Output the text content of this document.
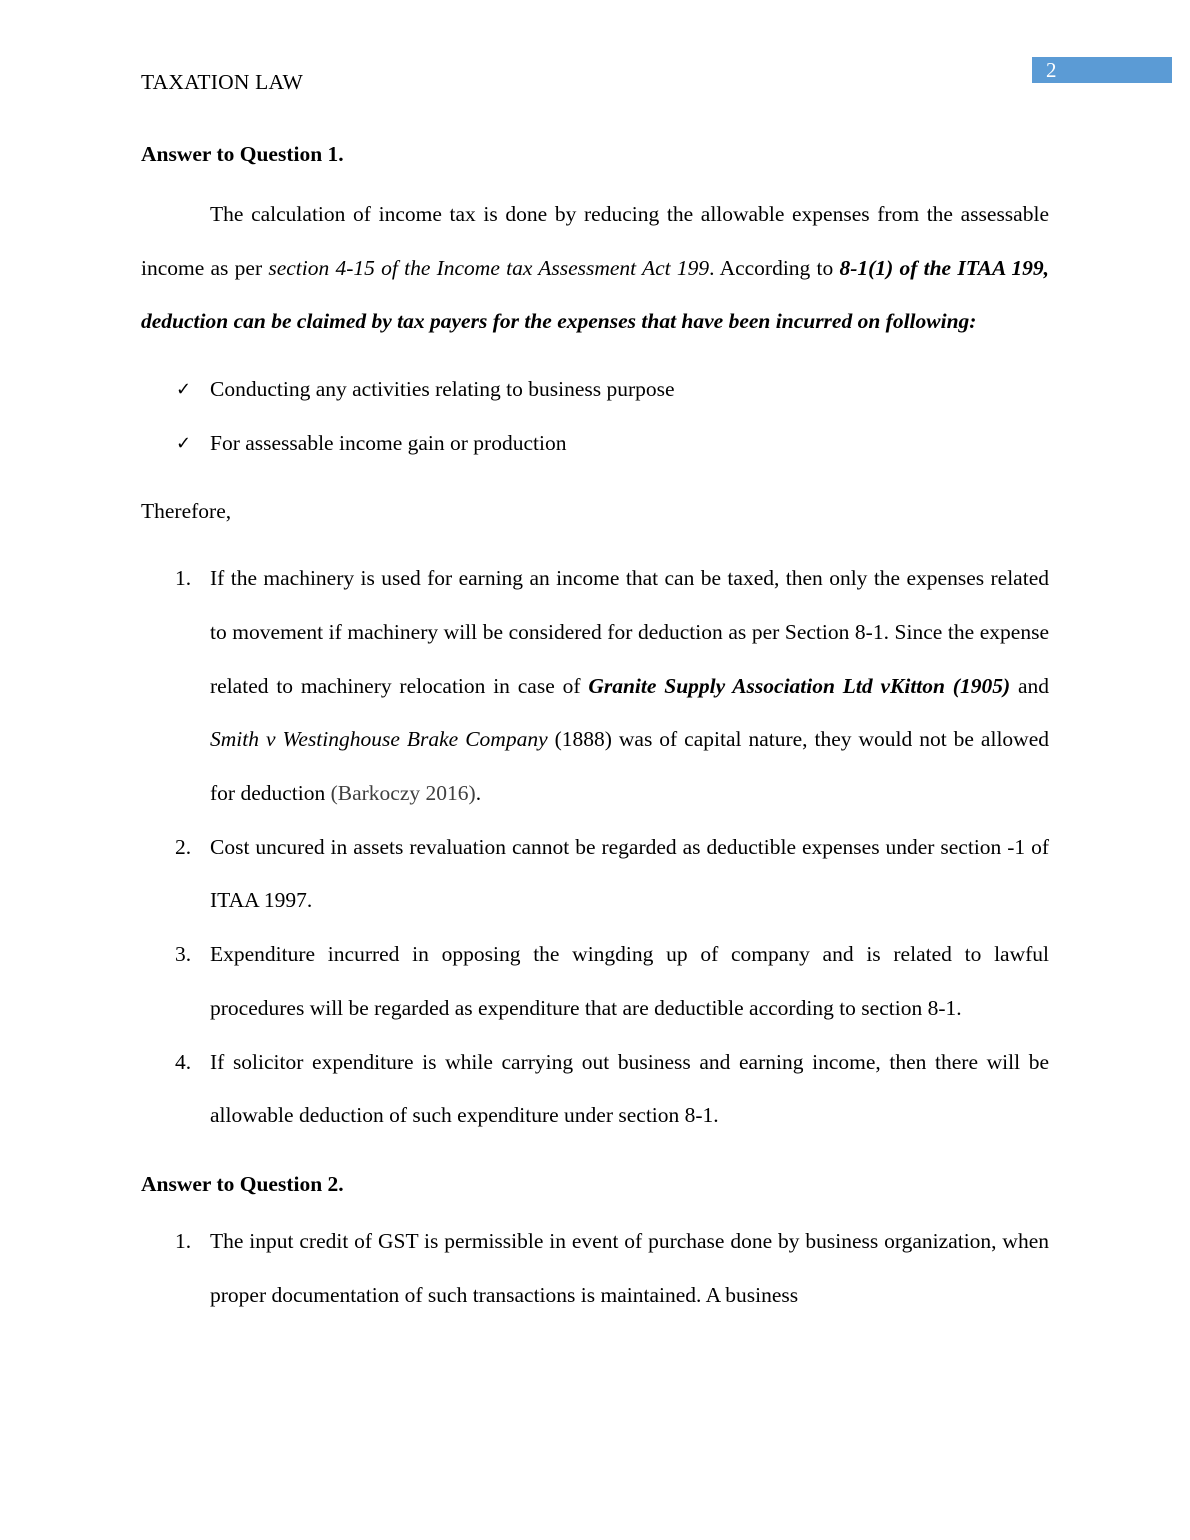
TAXATION LAW	2

Answer to Question 1.

The calculation of income tax is done by reducing the allowable expenses from the assessable income as per section 4-15 of the Income tax Assessment Act 199. According to 8-1(1) of the ITAA 199, deduction can be claimed by tax payers for the expenses that have been incurred on following:

✓ Conducting any activities relating to business purpose
✓ For assessable income gain or production

Therefore,

1. If the machinery is used for earning an income that can be taxed, then only the expenses related to movement if machinery will be considered for deduction as per Section 8-1. Since the expense related to machinery relocation in case of Granite Supply Association Ltd vKitton (1905) and Smith v Westinghouse Brake Company (1888) was of capital nature, they would not be allowed for deduction (Barkoczy 2016).
2. Cost uncured in assets revaluation cannot be regarded as deductible expenses under section -1 of ITAA 1997.
3. Expenditure incurred in opposing the wingding up of company and is related to lawful procedures will be regarded as expenditure that are deductible according to section 8-1.
4. If solicitor expenditure is while carrying out business and earning income, then there will be allowable deduction of such expenditure under section 8-1.

Answer to Question 2.

1. The input credit of GST is permissible in event of purchase done by business organization, when proper documentation of such transactions is maintained. A business
